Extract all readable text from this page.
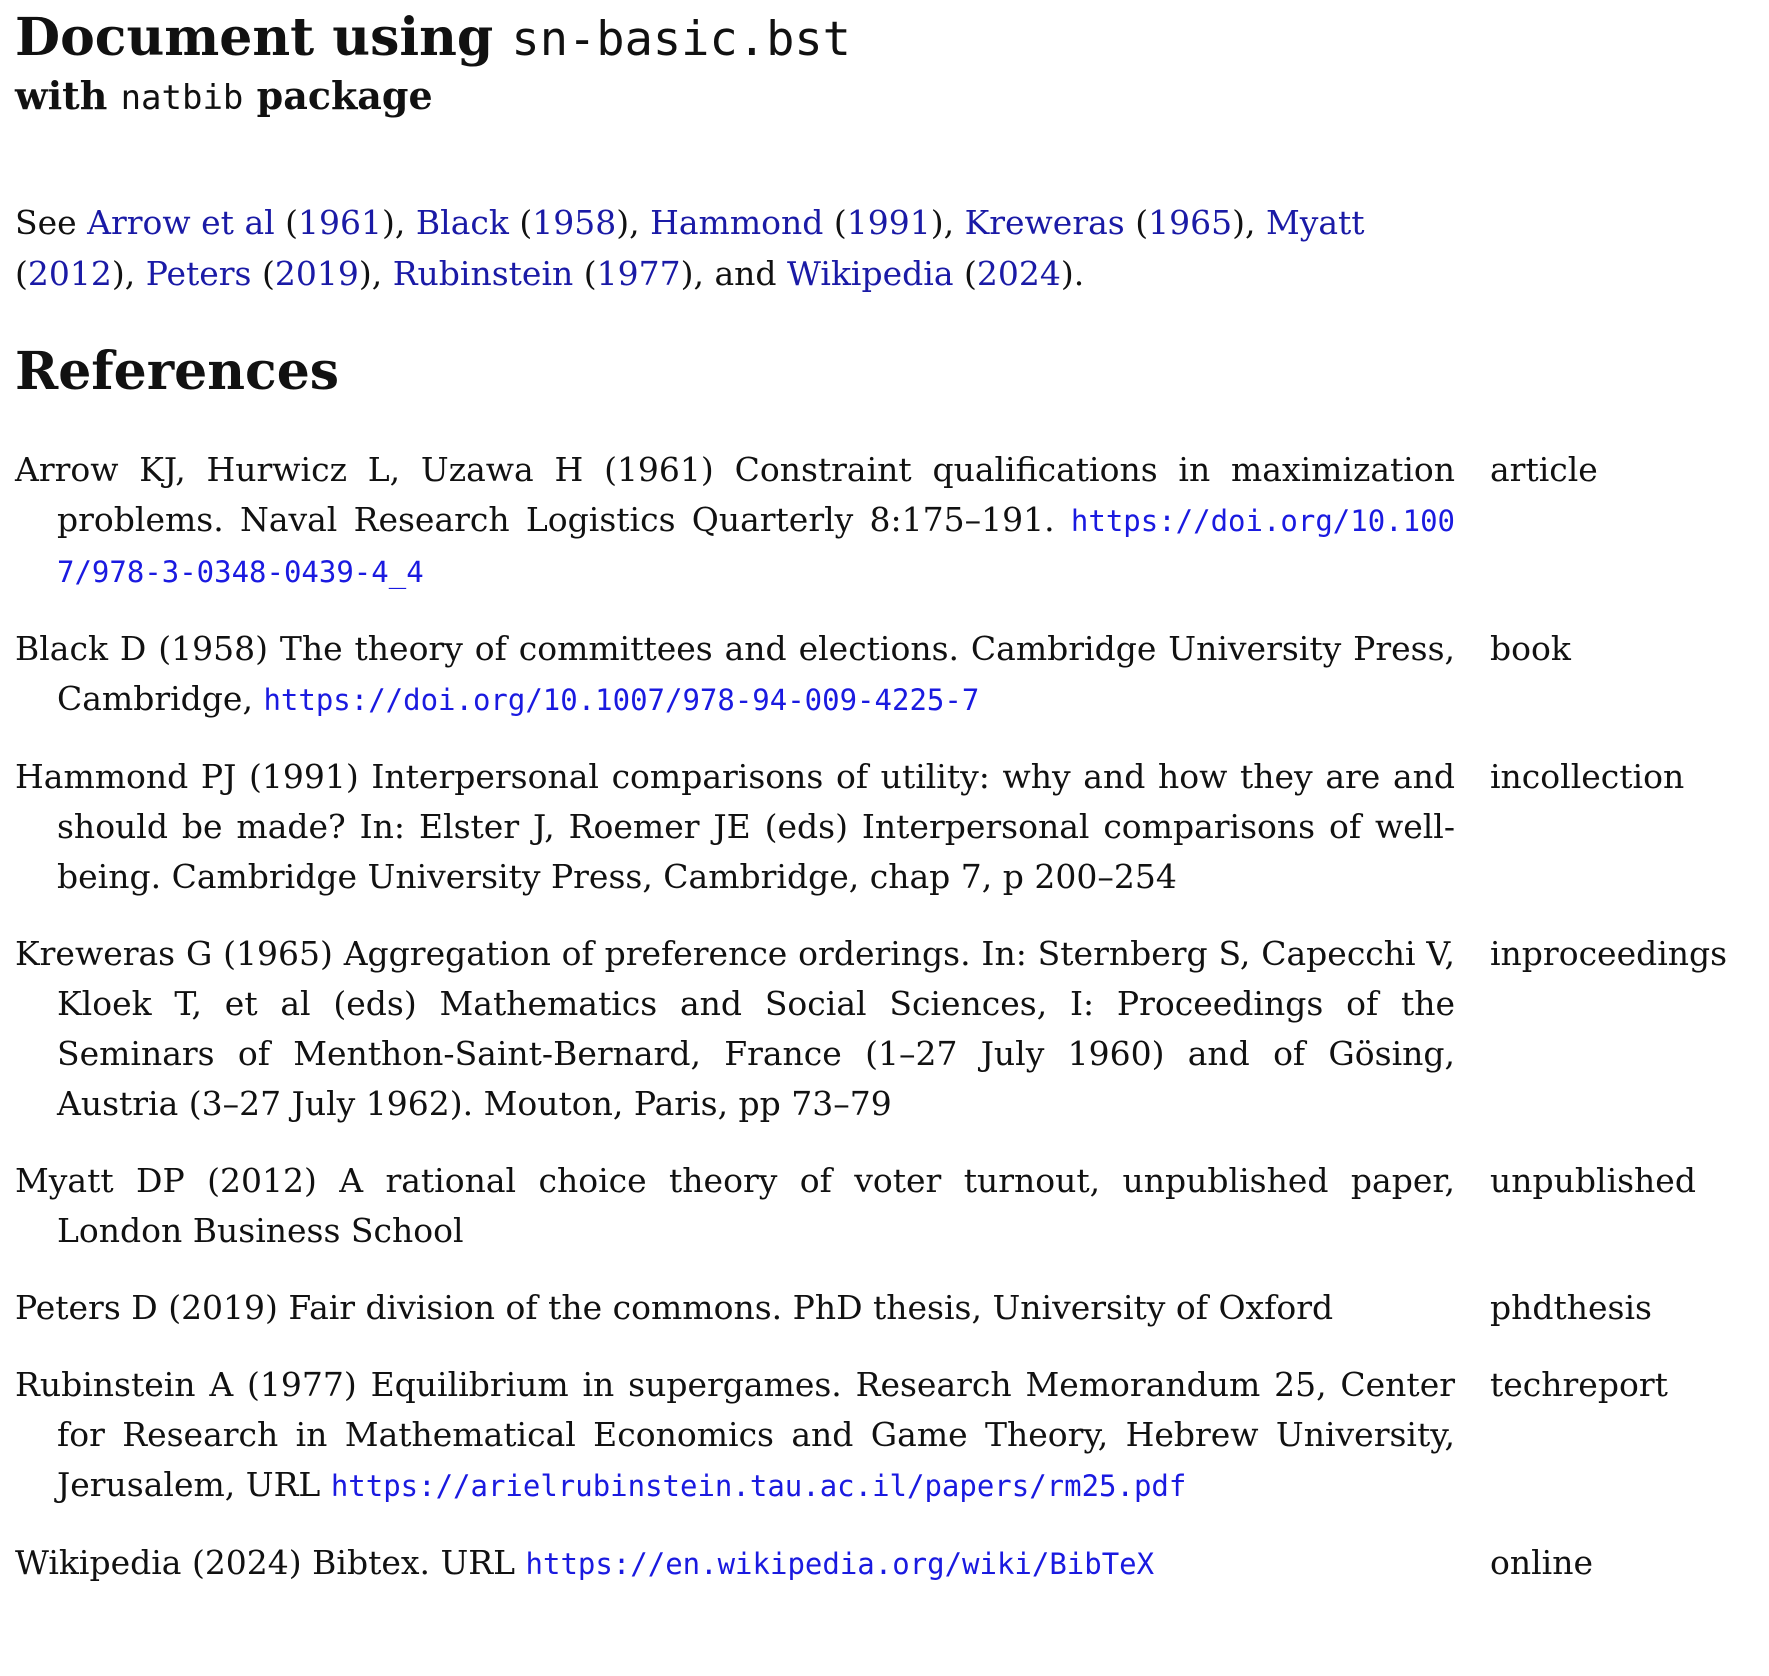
Document using sn-basic.bst
with natbib package

See Arrow et al (1961), Black (1958), Hammond (1991), Kreweras (1965), Myatt (2012), Peters (2019), Rubinstein (1977), and Wikipedia (2024).

References
Arrow KJ, Hurwicz L, Uzawa H (1961) Constraint qualifications in maximization problems. Naval Research Logistics Quarterly 8:175–191. https://doi.org/10.1007/978-3-0348-0439-4_4
article
Black D (1958) The theory of committees and elections. Cambridge University Press, Cambridge, https://doi.org/10.1007/978-94-009-4225-7
book
Hammond PJ (1991) Interpersonal comparisons of utility: why and how they are and should be made? In: Elster J, Roemer JE (eds) Interpersonal comparisons of well-being. Cambridge University Press, Cambridge, chap 7, p 200–254
incollection
Kreweras G (1965) Aggregation of preference orderings. In: Sternberg S, Capecchi V, Kloek T, et al (eds) Mathematics and Social Sciences, I: Proceedings of the Seminars of Menthon-Saint-Bernard, France (1–27 July 1960) and of Gösing, Austria (3–27 July 1962). Mouton, Paris, pp 73–79
inproceedings
Myatt DP (2012) A rational choice theory of voter turnout, unpublished paper, London Business School
unpublished
Peters D (2019) Fair division of the commons. PhD thesis, University of Oxford	phdthesis
Rubinstein A (1977) Equilibrium in supergames. Research Memorandum 25, Center for Research in Mathematical Economics and Game Theory, Hebrew University, Jerusalem, URL https://arielrubinstein.tau.ac.il/papers/rm25.pdf
techreport
Wikipedia (2024) Bibtex. URL https://en.wikipedia.org/wiki/BibTeX	online
